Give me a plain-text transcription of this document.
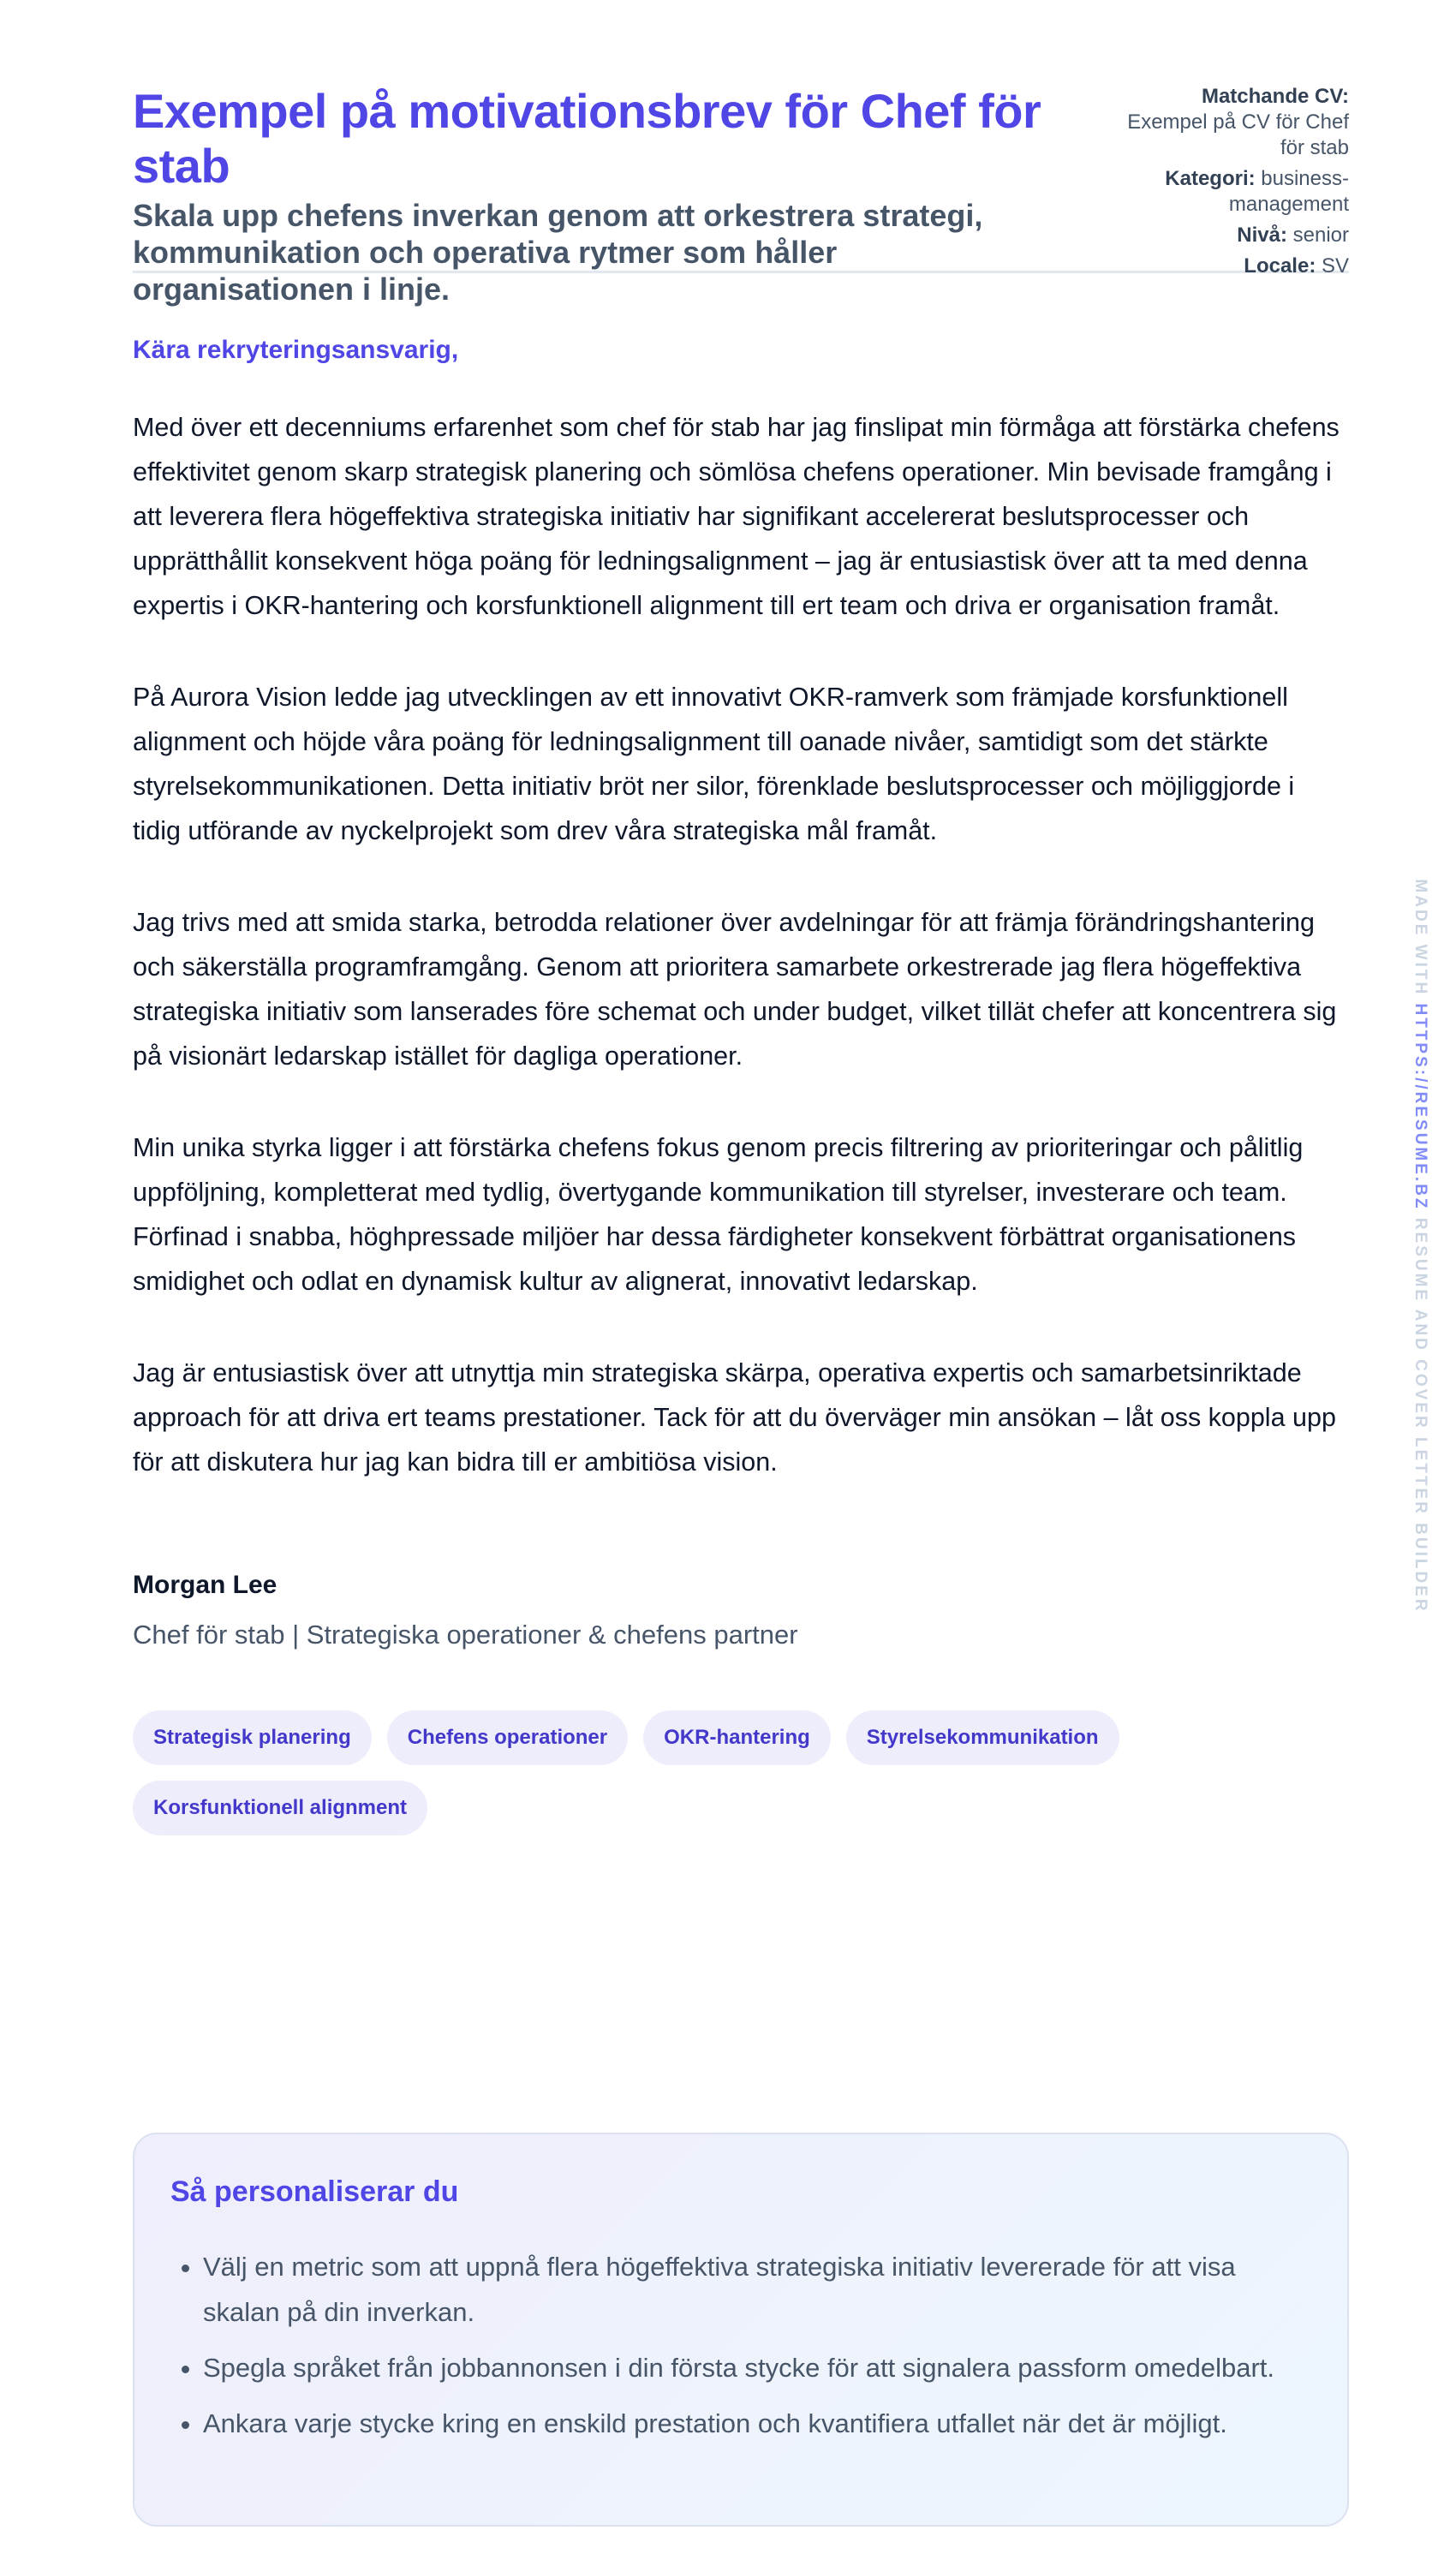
Exempel på motivationsbrev för Chef för stab
Skala upp chefens inverkan genom att orkestrera strategi, kommunikation och operativa rytmer som håller organisationen i linje.
Matchande CV:
Exempel på CV för Chef för stab
Kategori: business-management
Nivå: senior
Locale: SV

Kära rekryteringsansvarig,

Med över ett decenniums erfarenhet som chef för stab har jag finslipat min förmåga att förstärka chefens effektivitet genom skarp strategisk planering och sömlösa chefens operationer. Min bevisade framgång i att leverera flera högeffektiva strategiska initiativ har signifikant accelererat beslutsprocesser och upprätthållit konsekvent höga poäng för ledningsalignment – jag är entusiastisk över att ta med denna expertis i OKR-hantering och korsfunktionell alignment till ert team och driva er organisation framåt.

På Aurora Vision ledde jag utvecklingen av ett innovativt OKR-ramverk som främjade korsfunktionell alignment och höjde våra poäng för ledningsalignment till oanade nivåer, samtidigt som det stärkte styrelsekommunikationen. Detta initiativ bröt ner silor, förenklade beslutsprocesser och möjliggjorde i tidig utförande av nyckelprojekt som drev våra strategiska mål framåt.

Jag trivs med att smida starka, betrodda relationer över avdelningar för att främja förändringshantering och säkerställa programframgång. Genom att prioritera samarbete orkestrerade jag flera högeffektiva strategiska initiativ som lanserades före schemat och under budget, vilket tillät chefer att koncentrera sig på visionärt ledarskap istället för dagliga operationer.

Min unika styrka ligger i att förstärka chefens fokus genom precis filtrering av prioriteringar och pålitlig uppföljning, kompletterat med tydlig, övertygande kommunikation till styrelser, investerare och team. Förfinad i snabba, höghpressade miljöer har dessa färdigheter konsekvent förbättrat organisationens smidighet och odlat en dynamisk kultur av alignerat, innovativt ledarskap.

Jag är entusiastisk över att utnyttja min strategiska skärpa, operativa expertis och samarbetsinriktade approach för att driva ert teams prestationer. Tack för att du överväger min ansökan – låt oss koppla upp för att diskutera hur jag kan bidra till er ambitiösa vision.

Morgan Lee

Chef för stab | Strategiska operationer & chefens partner

Strategisk planering	Chefens operationer	OKR-hantering	Styrelsekommunikation
Korsfunktionell alignment
Så personaliserar du
• Välj en metric som att uppnå flera högeffektiva strategiska initiativ levererade för att visa skalan på din inverkan.
• Spegla språket från jobbannonsen i din första stycke för att signalera passform omedelbart.
• Ankara varje stycke kring en enskild prestation och kvantifiera utfallet när det är möjligt.
MADE WITH HTTPS://RESUME.BZ RESUME AND COVER LETTER BUILDER
